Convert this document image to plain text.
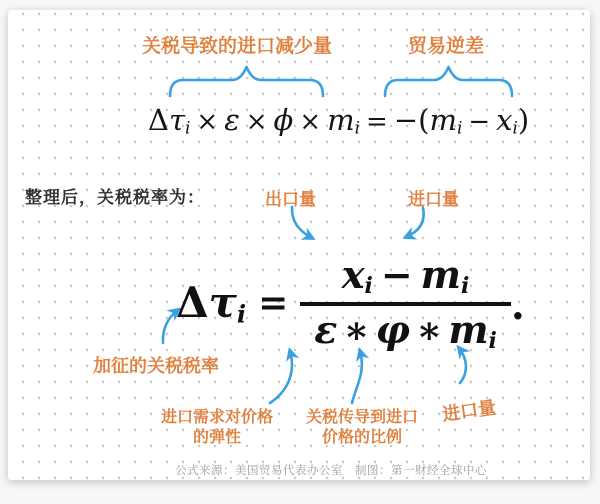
关税导致的进口减少量	贸易逆差
$\Delta\tau_i \times \varepsilon \times \phi \times m_i = -(m_i - x_i)$
整理后，关税税率为：	出口量	进口量
$\Delta\tau_i = \frac{x_i - m_i}{\varepsilon ∗ \varphi ∗ m_i}$ .
加征的关税税率
进口需求对价格
的弹性
关税传导到进口
价格的比例
进口量
公式来源：美国贸易代表办公室　制图：第一财经全球中心
